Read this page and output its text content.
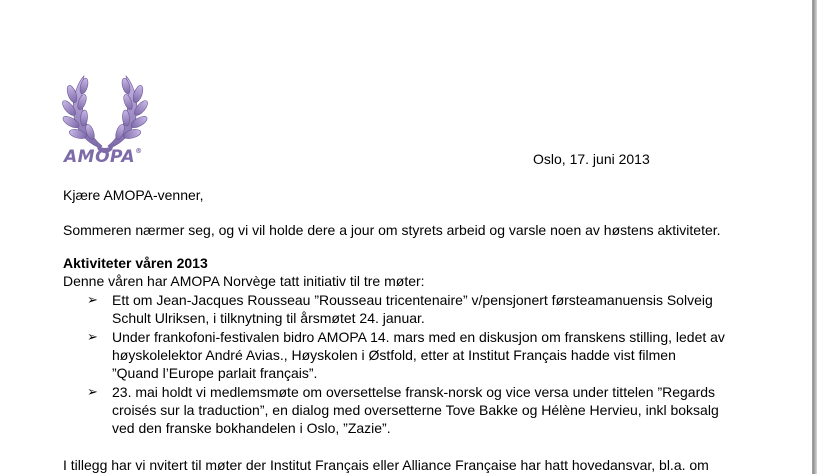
AMOPA®	Oslo, 17. juni 2013
Kjære AMOPA-venner,
Sommeren nærmer seg, og vi vil holde dere a jour om styrets arbeid og varsle noen av høstens aktiviteter.
Aktiviteter våren 2013
Denne våren har AMOPA Norvège tatt initiativ til tre møter:
➢ Ett om Jean-Jacques Rousseau ”Rousseau tricentenaire” v/pensjonert førsteamanuensis Solveig
Schult Ulriksen, i tilknytning til årsmøtet 24. januar.
➢ Under frankofoni-festivalen bidro AMOPA 14. mars med en diskusjon om franskens stilling, ledet av
høyskolelektor André Avias., Høyskolen i Østfold, etter at Institut Français hadde vist filmen
”Quand l’Europe parlait français”.
➢ 23. mai holdt vi medlemsmøte om oversettelse fransk-norsk og vice versa under tittelen ”Regards
croisés sur la traduction”, en dialog med oversetterne Tove Bakke og Hélène Hervieu, inkl boksalg
ved den franske bokhandelen i Oslo, ”Zazie”.
I tillegg har vi nvitert til møter der Institut Français eller Alliance Française har hatt hovedansvar, bl.a. om
